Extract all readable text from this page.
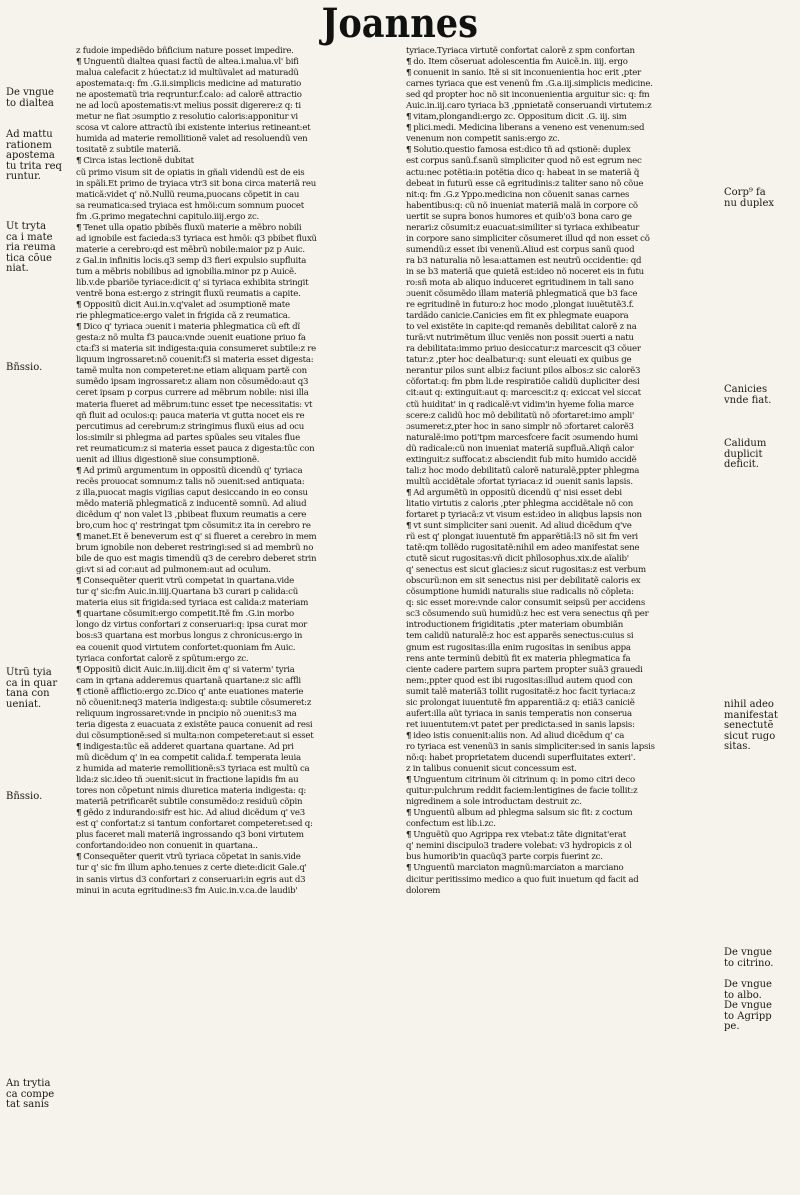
Joannes
De vngue
to dialtea
Ad mattu
rationem
apostema
tu trita req
runtur.
Ut tryta
ca i mate
ria reuma
tica cõue
niat.
Bñssio.
Utrũ tyia
ca in quar
tana con
ueniat.
Bñssio.
An trytia
ca compe
tat sanis
Corp⁹ fa
nu duplex
Canicies
vnde fiat.
Calidum
duplicit
deficit.
nihil adeo
manifestat
senectutẽ
sicut rugo
sitas.
De vngue
to citrino.
De vngue
to albo.
De vngue
to Agripp
pe.
z fudoie impediẽdo bñficium nature posset impedire.
¶ Unguentũ dialtea quasi factũ de altea.i.malua.vl' bifi
malua calefacit z húectat:z id multũvalet ad maturadũ
apostemata:q: fm .G.ii.simplicis medicine ad maturatio
ne apostematũ tria reqruntur.f.calo: ad calorẽ attractio
ne ad locũ apostematis:vt melius possit digerere:z q: ti
metur ne fiat ɔsumptio z resolutio caloris:apponitur vi
scosa vt calore attractũ ibi existente interius retineant:et
humida ad materie remollitionẽ valet ad resoluendũ ven
tositatẽ z subtile materiã.
¶ Circa istas lectionẽ dubitat
cũ primo visum sit de opiatis in gñali videndũ est de eis
in spãli.Et primo de tryiaca vtr3 sit bona circa materiã reu
maticã:videt q' nõ.Nullũ reuma,puocans cõpetit in cau
sa reumatica:sed tryiaca est hmõi:cum somnum puocet
fm .G.primo megatechni capitulo.iiij.ergo zc.
¶ Tenet ulla opatio pbibẽs fluxũ materie a mẽbro nobili
ad ignobile est facieda:s3 tyriaca est hmõi: q3 pbibet fluxũ
materie a cerebro:qd est mẽbrũ nobile:maior pz p Auic.
z Gal.in infinitis locis.q3 semp d3 fieri expulsio supfluita
tum a mẽbris nobilibus ad ignobilia.minor pz p Auicẽ.
lib.v.de pbariõe tyriace:dicit q' si tyriaca exhibita stringit
ventrẽ bona est:ergo z stringit fluxũ reumatis a capite.
¶ Oppositũ dicit Aui.in.v.q'valet ad ɔsumptionẽ mate
rie phlegmatice:ergo valet in frigida cã z reumatica.
¶ Dico q' tyriaca ɔuenit i materia phlegmatica cũ eft dĩ
gesta:z nõ multa f3 pauca:vnde ɔuenit euatione priuo fa
cta:f3 si materia sit indigesta:quia consumeret subtile:z re
liquum ingrossaret:nõ couenit:f3 si materia esset digesta:
tamẽ multa non competeret:ne etiam aliquam partẽ con
sumẽdo ipsam ingrossaret:z aliam non cõsumẽdo:aut q3
ceret ipsam p corpus currere ad mẽbrum nobile: nisi illa
materia flueret ad mẽbrum:tunc esset tpe necessitatis: vt
qñ fluit ad oculos:q: pauca materia vt gutta nocet eis re
percutimus ad cerebrum:z stringimus fluxũ eius ad ocu
los:similr si phlegma ad partes spũales seu vitales flue
ret reumaticum:z si materia esset pauca z digesta:tũc con
uenit ad illius digestionẽ siue consumptionẽ.
¶ Ad primũ argumentum in oppositũ dicendũ q' tyriaca
recẽs prouocat somnum:z talis nõ ɔuenit:sed antiquata:
z illa,puocat magis vigilias caput desiccando in eo consu
mẽdo materiã phlegmaticã z inducentẽ somnũ. Ad aliud
dicẽdum q' non valet l3 ,pbibeat fluxum reumatis a cere
bro,cum hoc q' restringat tpm cõsumit:z ita in cerebro re
¶ manet.Et ẽ beneverum est q' si flueret a cerebro in mem
brum ignobile non deberet restringi:sed si ad membrũ no
bile de quo est magis timendũ q3 de cerebro deberet strin
gi:vt si ad cor:aut ad pulmonem:aut ad oculum.
¶ Consequẽter querit vtrũ competat in quartana.vide
tur q' sic:fm Auic.in.iiij.Quartana b3 curari p calida:cũ
materia eius sit frigida:sed tyriaca est calida:z materiam
¶ quartane cõsumit:ergo competit.Itẽ fm .G.in morbo
longo dz virtus confortari z conseruari:q: ipsa curat mor
bos:s3 quartana est morbus longus z chronicus:ergo in
ea couenit quod virtutem confortet:quoniam fm Auic.
tyriaca confortat calorẽ z spũtum:ergo zc.
¶ Oppositũ dicit Auic.in.iiij.dicit ẽm q' si vaterm' tyria
cam in qrtana adderemus quartanã quartane:z sic affli
¶ ctionẽ afflictio:ergo zc.Dico q' ante euationes materie
nõ cõuenit:neq3 materia indigesta:q: subtile cõsumeret:z
reliquum ingrossaret:vnde in pncipio nõ ɔuenit:s3 ma
teria digesta z euacuata z existẽte pauca conuenit ad resi
dui cõsumptionẽ:sed si multa:non competeret:aut si esset
¶ indigesta:tũc eã adderet quartana quartane. Ad pri
mũ dicẽdum q' in ea competit calida.f. temperata leuia
z humida ad materie remollitionẽ:s3 tyriaca est multũ ca
lida:z sic.ideo tñ ɔuenit:sicut in fractione lapidis fm au
tores non cõpetunt nimis diuretica materia indigesta: q:
materiã petrificarẽt subtile consumẽdo:z residuũ cõpin
¶ gẽdo z indurando:sifr est hic. Ad aliud dicẽdum q' ve3
est q' confortat:z si tantum confortaret competeret:sed q:
plus faceret mali materiã ingrossando q3 boni virtutem
confortando:ideo non conuenit in quartana..
¶ Consequẽter querit vtrũ tyriaca cõpetat in sanis.vide
tur q' sic fm illum apho.tenues z certe diete:dicit Gale.q'
in sanis virtus d3 confortari z conseruari:in egris aut d3
minui in acuta egritudine:s3 fm Auic.in.v.ca.de laudib'
tyriace.Tyriaca virtutẽ confortat calorẽ z spm confortan
¶ do. Item cõseruat adolescentia fm Auicẽ.in. iiij. ergo
¶ conuenit in sanio. Itẽ si sit inconuenientia hoc erit ,pter
carnes tyriaca que est venenũ fm .G.a.iij.simplicis medicine.
sed qd propter hoc nõ sit inconuenientia arguitur sic: q: fm
Auic.in.iij.caro tyriaca b3 ,ppnietatẽ conseruandi virtutem:z
¶ vitam,plongandi:ergo zc. Oppositum dicit .G. iij. sim
¶ plici.medi. Medicina liberans a veneno est venenum:sed
venenum non competit sanis:ergo zc.
¶ Solutio.questio famosa est:dico tñ ad qstionẽ: duplex
est corpus sanũ.f.sanũ simpliciter quod nõ est egrum nec
actu:nec potẽtia:in potẽtia dico q: habeat in se materiã q̃
debeat in futurũ esse cã egritudinis:z taliter sano nõ cõue
nit:q: fm .G.z Yppo.medicina non cõuenit sanas carnes
habentibus:q: cũ nõ inueniat materiã malã in corpore cõ
uertit se supra bonos humores et quib'o3 bona caro ge
nerari:z cõsumit:z euacuat:similiter si tyriaca exhibeatur
in corpore sano simpliciter cõsumeret illud qd non esset cõ
sumendũ:z esset ibi venenũ.Aliud est corpus sanũ quod
ra b3 naturalia nõ lesa:attamen est neutrũ occidentie: qd
in se b3 materiã que quietã est:ideo nõ noceret eis in futu
ro:sñ mota ab aliquo induceret egritudinem in tali sano
ɔuenit cõsumẽdo illam materiã phlegmaticã que b3 face
re egritudinẽ in futuro:z hoc modo ,plongat iuuẽtutẽ3.f.
tardãdo canicie.Canicies em fit ex phlegmate euapora
to vel existẽte in capite:qd remanẽs debilitat calorẽ z na
turã:vt nutrimẽtum illuc veniẽs non possit ɔuerti a natu
ra debilitata:immo priuo desiccatur:z marcescit q3 cõuer
tatur:z ,pter hoc dealbatur:q: sunt eleuati ex quibus ge
nerantur pilos sunt albi:z faciunt pilos albos:z sic calorẽ3
cõfortat:q: fm pbm li.de respiratiõe calidũ dupliciter desi
cit:aut q: extinguit:aut q: marcescit:z q: exiccat vel siccat
ctũ huiditat' in q radicalẽ:vt vidim'in hyeme folia marce
scere:z calidũ hoc mõ debilitatũ nõ ɔfortaret:imo ampli'
ɔsumeret:z,pter hoc in sano simplr nõ ɔfortaret calorẽ3
naturalẽ:imo poti'tpm marcesfcere facit ɔsumendo humi
dũ radicale:cũ non inueniat materiã supfluã.Aliqñ calor
extinguit:z suffocat:z absciendit fub mito humido accidẽ
tali:z hoc modo debilitatũ calorẽ naturalẽ,ppter phlegma
multũ accidẽtale ɔfortat tyriaca:z id ɔuenit sanis lapsis.
¶ Ad argumẽtũ in oppositũ dicendũ q' nisi esset debi
litatio virtutis z caloris ,pter phlegma accidẽtale nõ con
fortaret p tyriacã:z vt visum est:ideo in aliqbus lapsis non
¶ vt sunt simpliciter sani ɔuenit. Ad aliud dicẽdum q've
rũ est q' plongat iuuentutẽ fm apparẽtiã:l3 nõ sit fm veri
tatẽ:qm tollẽdo rugositatẽ:nihil em adeo manifestat sene
ctutẽ sicut rugositas:vñ dicit phĩlosophus.xix.de aĩalib'
q' senectus est sicut glacies:z sicut rugositas:z est verbum
obscurũ:non em sit senectus nisi per debilitatẽ caloris ex
cõsumptione humidi naturalis siue radicalis nõ cõpleta:
q: sic esset more:vnde calor consumit seipsũ per accidens
sc3 cõsumendo suũ humidũ:z hec est vera senectus qñ per
introductionem frigiditatis ,pter materiam obumbiãn
tem calidũ naturalẽ:z hoc est apparẽs senectus:cuius si
gnum est rugositas:illa enim rugositas in senibus appa
rens ante terminũ debitũ fit ex materia phlegmatica fa
ciente cadere partem supra partem propter suã3 grauedi
nem:,ppter quod est ibi rugositas:illud autem quod con
sumit talẽ materiã3 tollit rugositatẽ:z hoc facit tyriaca:z
sic prolongat iuuentutẽ fm apparentiã:z q: etiã3 caniciẽ
aufert:illa aũt tyriaca in sanis temperatis non conserua
ret iuuentutem:vt patet per predicta:sed in sanis lapsis:
¶ ideo istis conuenit:aliis non. Ad aliud dicẽdum q' ca
ro tyriaca est venenũ3 in sanis simpliciter:sed in sanis lapsis
nõ:q: habet proprietatem ducendi superfluitates exteri'.
z in talibus conuenit sicut concessum est.
¶ Unguentum citrinum õi citrinum q: in pomo citri deco
quitur:pulchrum reddit faciem:lentigines de facie tollit:z
nigredinem a sole introductam destruit zc.
¶ Unguentũ album ad phlegma salsum sic fit: z coctum
confectum est lib.i.zc.
¶ Unguẽtũ quo Agrippa rex vtebat:z tãte dignitat'erat
q' nemini discipulo3 tradere volebat: v3 hydropicis z ol
bus humorib'in quacũq3 parte corpis fuerint zc.
¶ Unguentũ marciaton magnũ:marciaton a marciano
dicitur peritissimo medico a quo fuit inuetum qd facit ad
dolorem
